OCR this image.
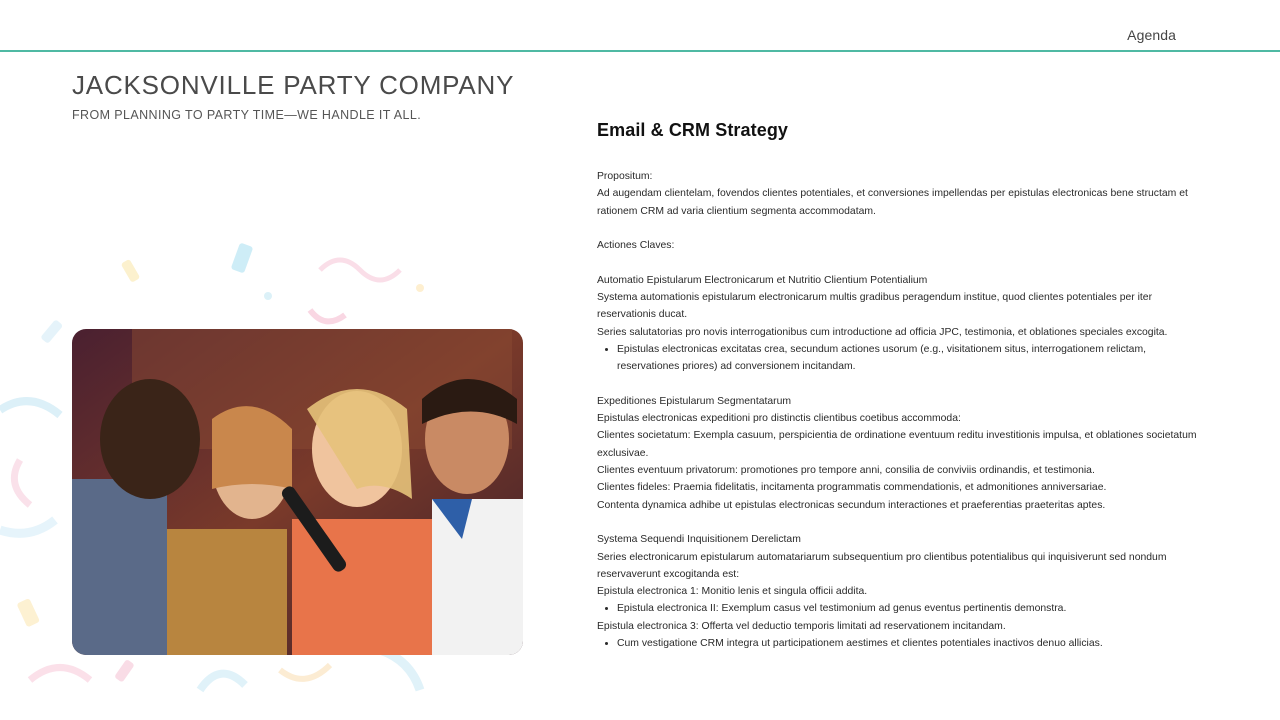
Agenda
JACKSONVILLE PARTY COMPANY
FROM PLANNING TO PARTY TIME—WE HANDLE IT ALL.
Email & CRM Strategy

Propositum:

Ad augendam clientelam, fovendos clientes potentiales, et conversiones impellendas per epistulas electronicas bene structam et rationem CRM ad varia clientium segmenta accommodatam.

Actiones Claves:

Automatio Epistularum Electronicarum et Nutritio Clientium Potentialium

Systema automationis epistularum electronicarum multis gradibus peragendum institue, quod clientes potentiales per iter reservationis ducat.

Series salutatorias pro novis interrogationibus cum introductione ad officia JPC, testimonia, et oblationes speciales excogita.

• Epistulas electronicas excitatas crea, secundum actiones usorum (e.g., visitationem situs, interrogationem relictam, reservationes priores) ad conversionem incitandam.

Expeditiones Epistularum Segmentatarum

Epistulas electronicas expeditioni pro distinctis clientibus coetibus accommoda:

Clientes societatum: Exempla casuum, perspicientia de ordinatione eventuum reditu investitionis impulsa, et oblationes societatum exclusivae.

Clientes eventuum privatorum: promotiones pro tempore anni, consilia de conviviis ordinandis, et testimonia.

Clientes fideles: Praemia fidelitatis, incitamenta programmatis commendationis, et admonitiones anniversariae.

Contenta dynamica adhibe ut epistulas electronicas secundum interactiones et praeferentias praeteritas aptes.

Systema Sequendi Inquisitionem Derelictam

Series electronicarum epistularum automatariarum subsequentium pro clientibus potentialibus qui inquisiverunt sed nondum reservaverunt excogitanda est:

Epistula electronica 1: Monitio lenis et singula officii addita.

• Epistula electronica II: Exemplum casus vel testimonium ad genus eventus pertinentis demonstra.

Epistula electronica 3: Offerta vel deductio temporis limitati ad reservationem incitandam.

• Cum vestigatione CRM integra ut participationem aestimes et clientes potentiales inactivos denuo allicias.
